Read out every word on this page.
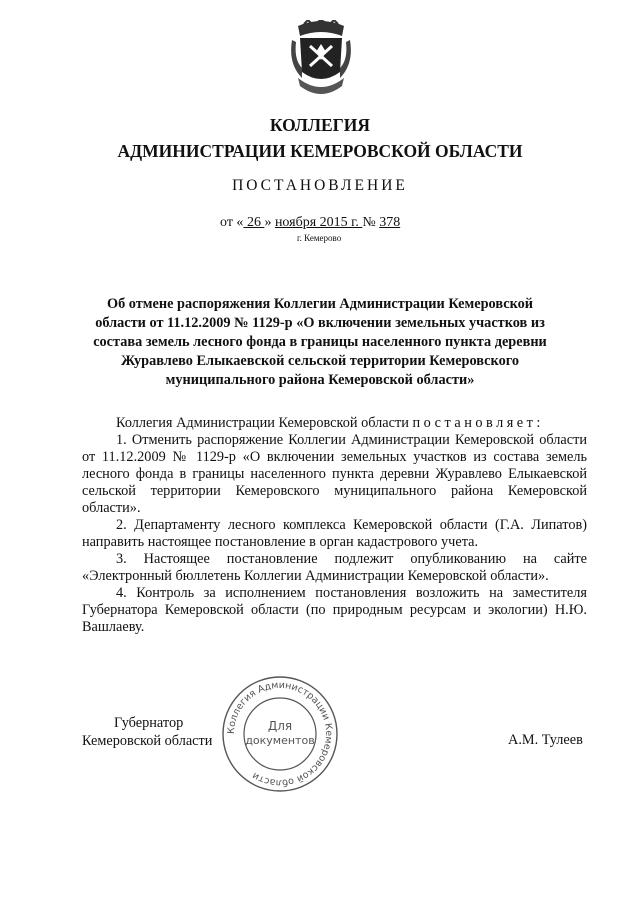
КОЛЛЕГИЯ
АДМИНИСТРАЦИИ КЕМЕРОВСКОЙ ОБЛАСТИ
ПОСТАНОВЛЕНИЕ
от « 26 » ноября 2015 г. № 378
г. Кемерово
Об отмене распоряжения Коллегии Администрации Кемеровской области от 11.12.2009 № 1129-р «О включении земельных участков из состава земель лесного фонда в границы населенного пункта деревни Журавлево Елыкаевской сельской территории Кемеровского муниципального района Кемеровской области»

Коллегия Администрации Кемеровской области постановляет:

1. Отменить распоряжение Коллегии Администрации Кемеровской области от 11.12.2009 № 1129-р «О включении земельных участков из состава земель лесного фонда в границы населенного пункта деревни Журавлево Елыкаевской сельской территории Кемеровского муниципального района Кемеровской области».

2. Департаменту лесного комплекса Кемеровской области (Г.А. Липатов) направить настоящее постановление в орган кадастрового учета.

3. Настоящее постановление подлежит опубликованию на сайте «Электронный бюллетень Коллегии Администрации Кемеровской области».

4. Контроль за исполнением постановления возложить на заместителя Губернатора Кемеровской области (по природным ресурсам и экологии) Н.Ю. Вашлаеву.

Губернатор
Кемеровской области	А.М. Тулеев
Коллегия Администрации Кемеровской области
Для
документов
